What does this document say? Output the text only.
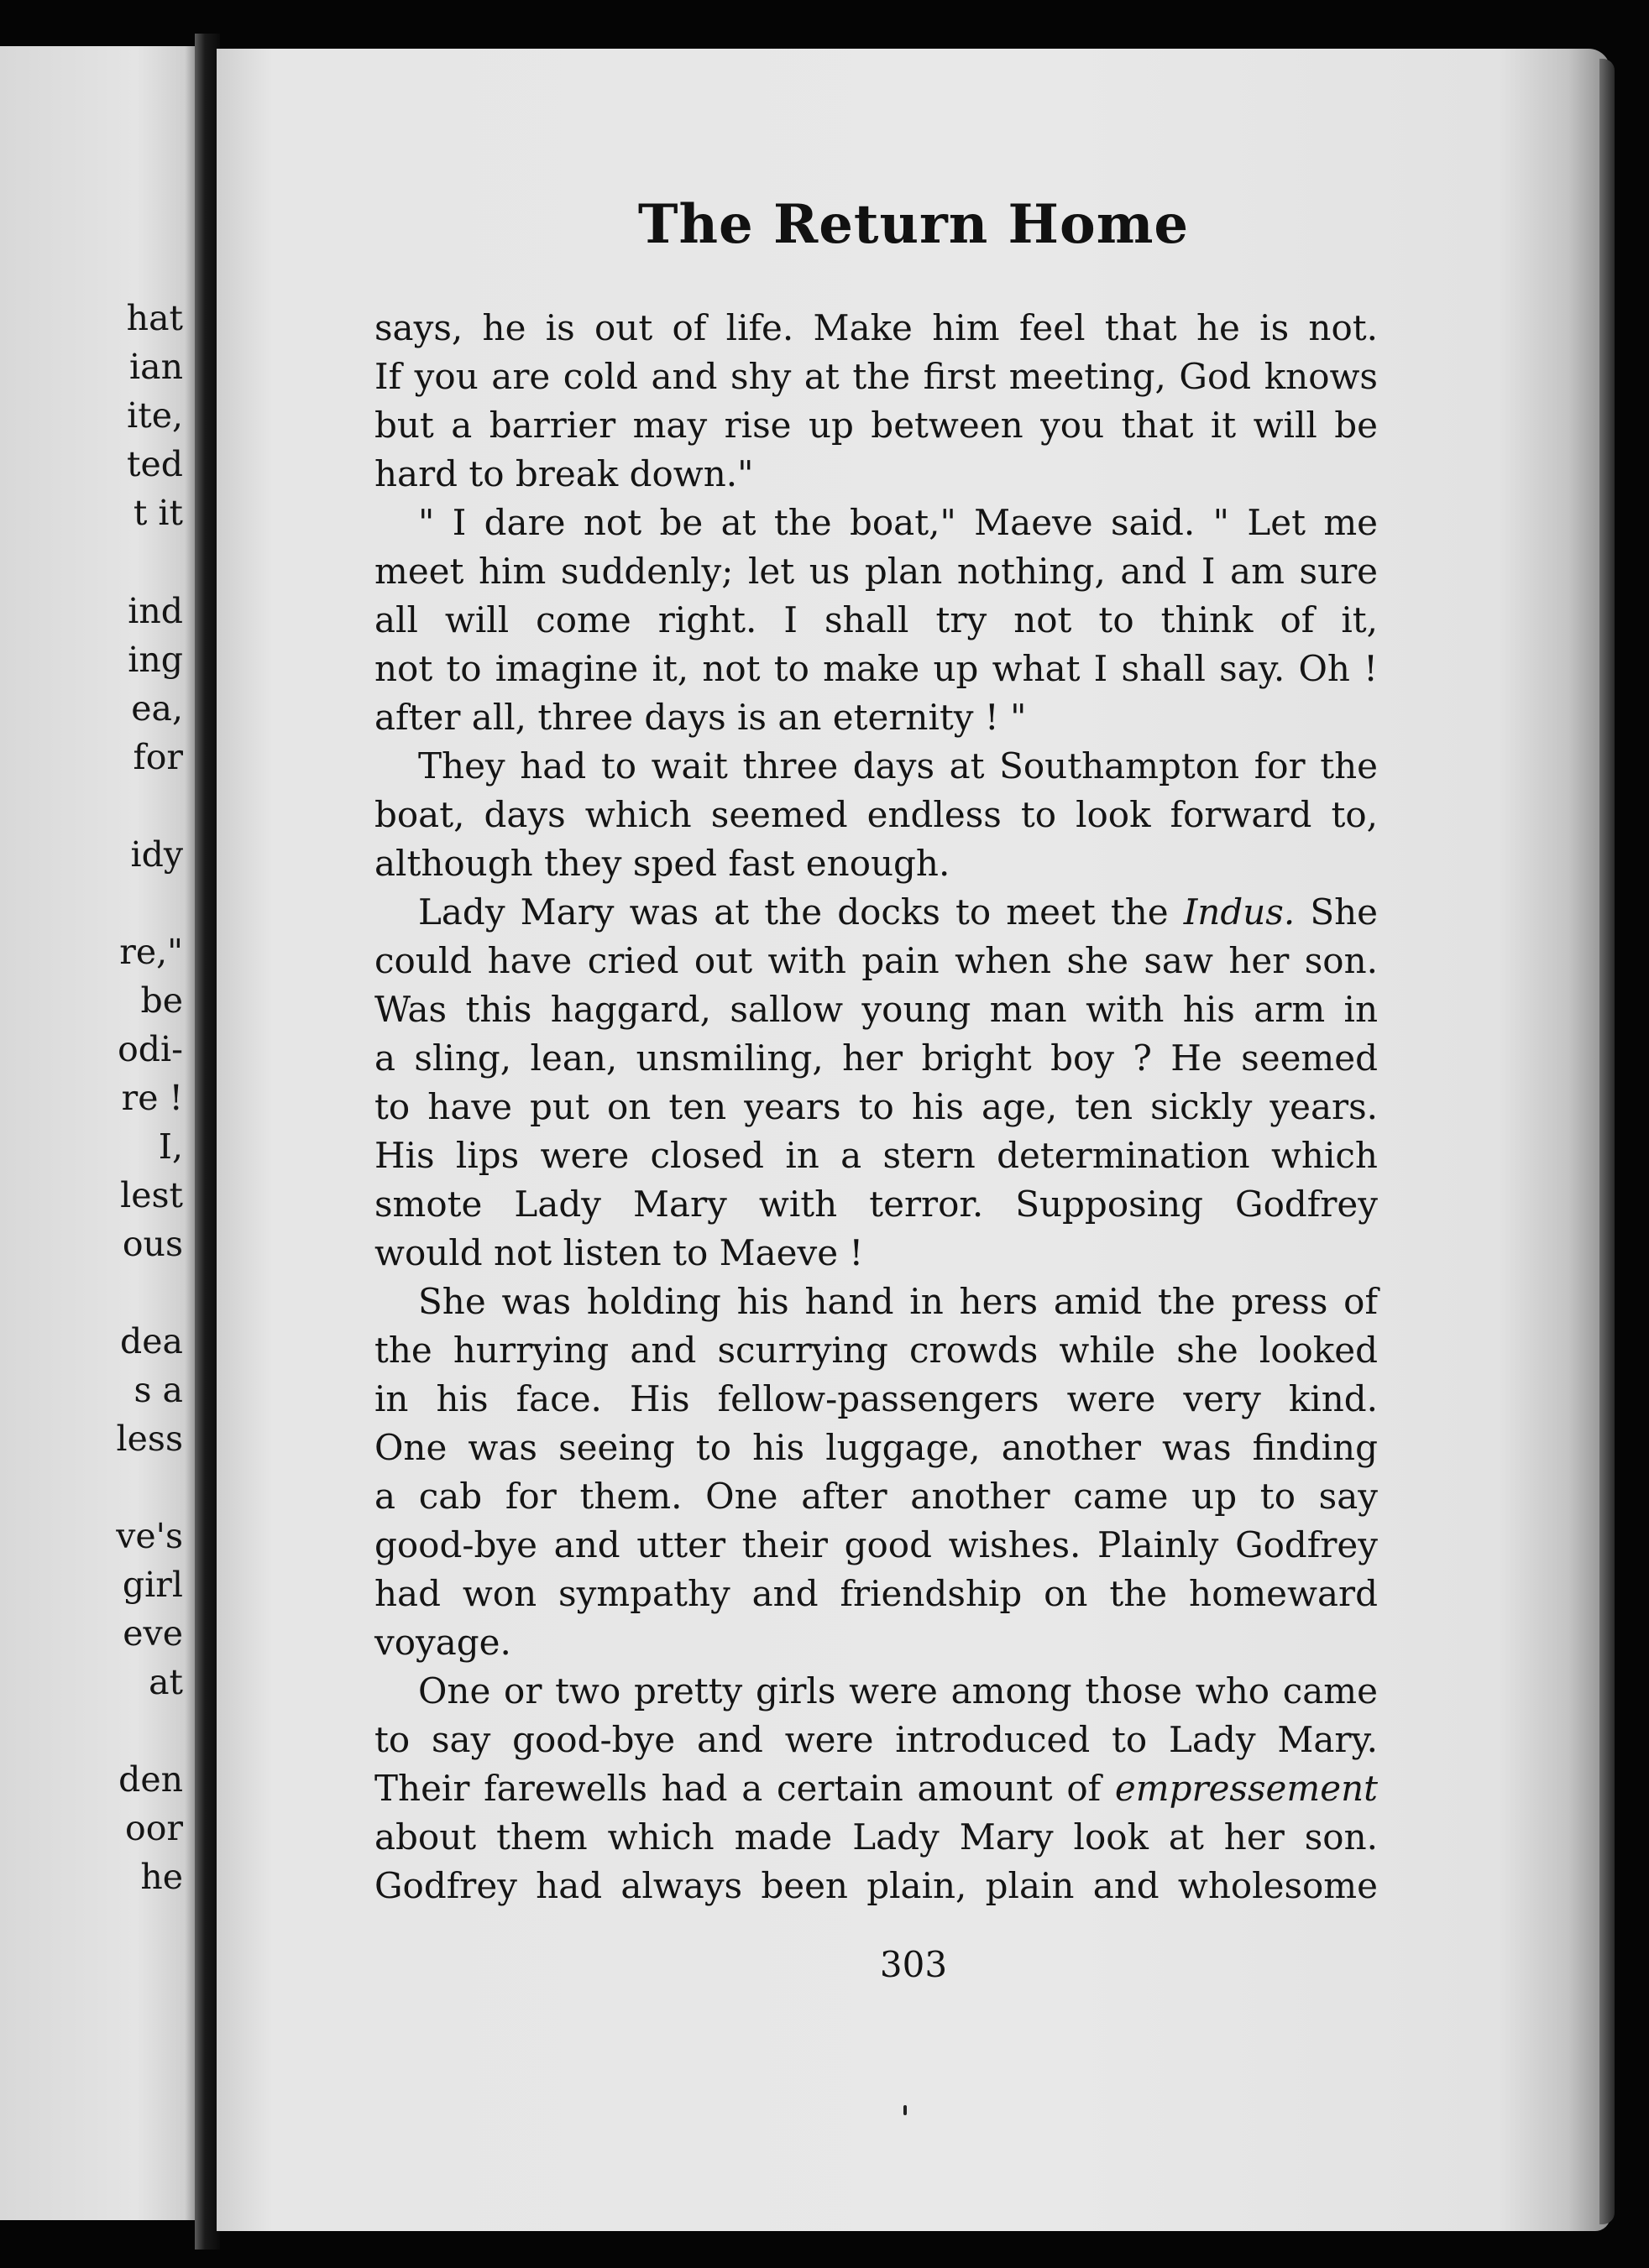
hat
ian
ite,
ted
t it
ind
ing
ea,
for
idy
re,"
be
odi-
re !
I,
lest
ous
dea
s a
less
ve's
girl
eve
at
den
oor
he
The Return Home
says, he is out of life. Make him feel that he is not.
If you are cold and shy at the first meeting, God knows
but a barrier may rise up between you that it will be
hard to break down."
" I dare not be at the boat," Maeve said. " Let me
meet him suddenly; let us plan nothing, and I am sure
all will come right. I shall try not to think of it,
not to imagine it, not to make up what I shall say. Oh !
after all, three days is an eternity ! "
They had to wait three days at Southampton for the
boat, days which seemed endless to look forward to,
although they sped fast enough.
Lady Mary was at the docks to meet the Indus. She
could have cried out with pain when she saw her son.
Was this haggard, sallow young man with his arm in
a sling, lean, unsmiling, her bright boy ? He seemed
to have put on ten years to his age, ten sickly years.
His lips were closed in a stern determination which
smote Lady Mary with terror. Supposing Godfrey
would not listen to Maeve !
She was holding his hand in hers amid the press of
the hurrying and scurrying crowds while she looked
in his face. His fellow-passengers were very kind.
One was seeing to his luggage, another was finding
a cab for them. One after another came up to say
good-bye and utter their good wishes. Plainly Godfrey
had won sympathy and friendship on the homeward
voyage.
One or two pretty girls were among those who came
to say good-bye and were introduced to Lady Mary.
Their farewells had a certain amount of empressement
about them which made Lady Mary look at her son.
Godfrey had always been plain, plain and wholesome
303
